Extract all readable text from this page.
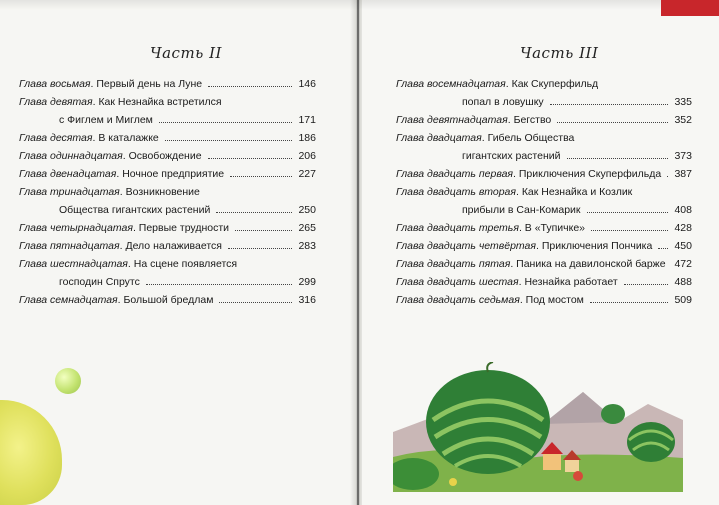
Часть II
Глава восьмая. Первый день на Луне	146
Глава девятая. Как Незнайка встретился
с Фиглем и Миглем	171
Глава десятая. В каталажке	186
Глава одиннадцатая. Освобождение	206
Глава двенадцатая. Ночное предприятие	227
Глава тринадцатая. Возникновение
Общества гигантских растений	250
Глава четырнадцатая. Первые трудности	265
Глава пятнадцатая. Дело налаживается	283
Глава шестнадцатая. На сцене появляется
господин Спрутс	299
Глава семнадцатая. Большой бредлам	316
Часть III
Глава восемнадцатая. Как Скуперфильд
попал в ловушку	335
Глава девятнадцатая. Бегство	352
Глава двадцатая. Гибель Общества
гигантских растений	373
Глава двадцать первая. Приключения Скуперфильда 387
Глава двадцать вторая. Как Незнайка и Козлик
прибыли в Сан-Комарик	408
Глава двадцать третья. В «Тупичке»	428
Глава двадцать четвёртая. Приключения Пончика 450
Глава двадцать пятая. Паника на давилонской барже 472
Глава двадцать шестая. Незнайка работает	488
Глава двадцать седьмая. Под мостом	509
